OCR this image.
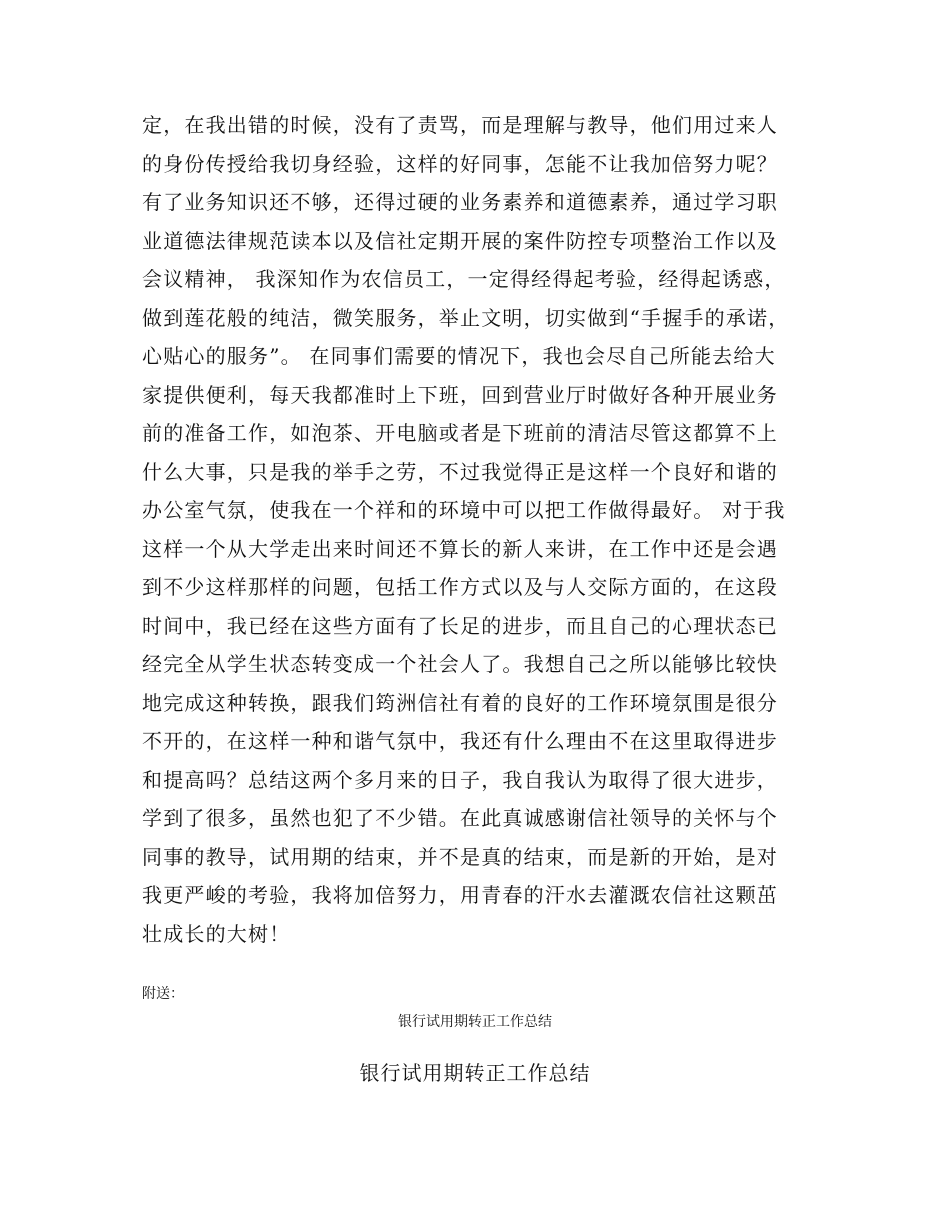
定，在我出错的时候，没有了责骂，而是理解与教导，他们用过来人
的身份传授给我切身经验，这样的好同事，怎能不让我加倍努力呢？
有了业务知识还不够，还得过硬的业务素养和道德素养，通过学习职
业道德法律规范读本以及信社定期开展的案件防控专项整治工作以及
会议精神， 我深知作为农信员工，一定得经得起考验，经得起诱惑，
做到莲花般的纯洁，微笑服务，举止文明，切实做到“手握手的承诺，
心贴心的服务”。 在同事们需要的情况下，我也会尽自己所能去给大
家提供便利，每天我都准时上下班，回到营业厅时做好各种开展业务
前的准备工作，如泡茶、开电脑或者是下班前的清洁尽管这都算不上
什么大事，只是我的举手之劳，不过我觉得正是这样一个良好和谐的
办公室气氛，使我在一个祥和的环境中可以把工作做得最好。 对于我
这样一个从大学走出来时间还不算长的新人来讲，在工作中还是会遇
到不少这样那样的问题，包括工作方式以及与人交际方面的，在这段
时间中，我已经在这些方面有了长足的进步，而且自己的心理状态已
经完全从学生状态转变成一个社会人了。我想自己之所以能够比较快
地完成这种转换，跟我们筠洲信社有着的良好的工作环境氛围是很分
不开的，在这样一种和谐气氛中，我还有什么理由不在这里取得进步
和提高吗？总结这两个多月来的日子，我自我认为取得了很大进步，
学到了很多，虽然也犯了不少错。在此真诚感谢信社领导的关怀与个
同事的教导，试用期的结束，并不是真的结束，而是新的开始，是对
我更严峻的考验，我将加倍努力，用青春的汗水去灌溉农信社这颗茁
壮成长的大树！
附送：
银行试用期转正工作总结
银行试用期转正工作总结
